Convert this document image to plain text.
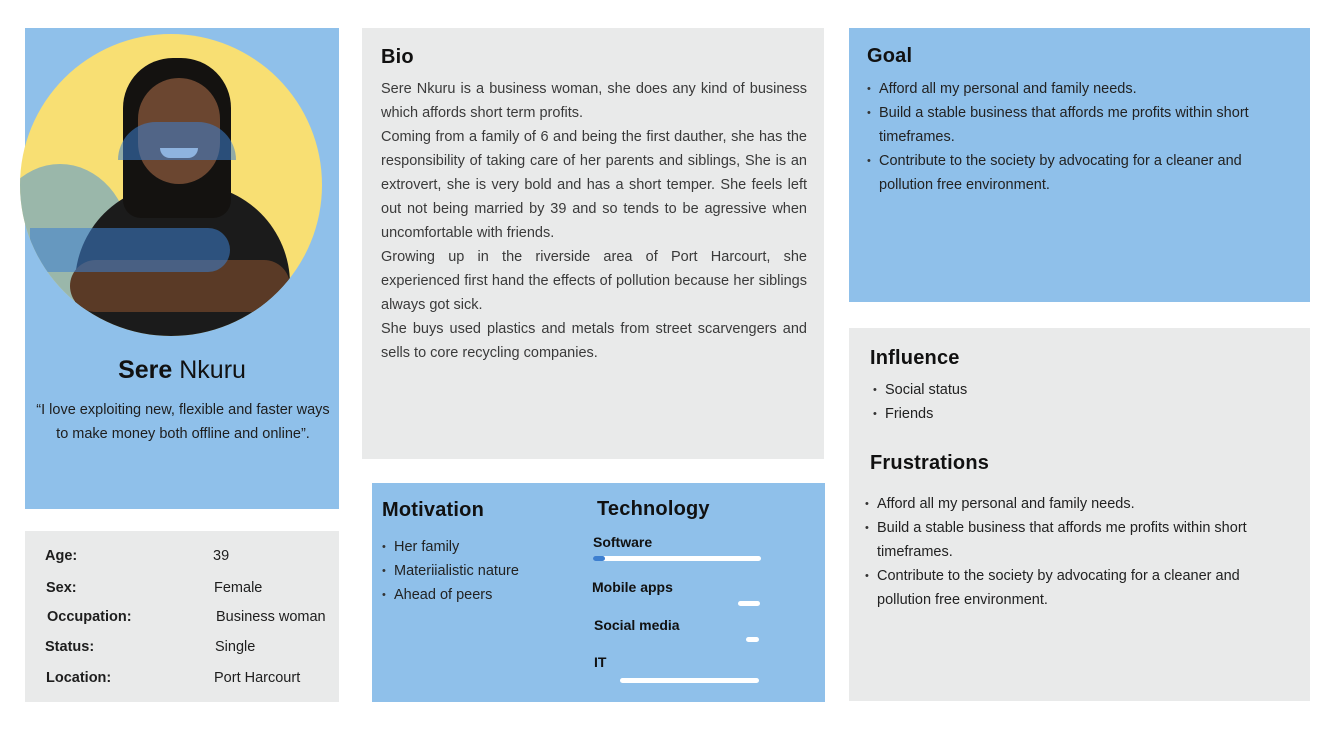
Sere Nkuru
“I love exploiting new, flexible and faster ways to make money both offline and online”.
Age:	39
Sex:	Female
Occupation:	Business woman
Status:	Single
Location:	Port Harcourt
Bio

Sere Nkuru is a business woman, she does any kind of business which affords short term profits.

Coming from a family of 6 and being the first dauther, she has the responsibility of taking care of her parents and siblings, She is an extrovert, she is very bold and has a short temper. She feels left out not being married by 39 and so tends to be agressive when uncomfortable with friends.

Growing up in the riverside area of Port Harcourt, she experienced first hand the effects of pollution because her siblings always got sick.

She buys used plastics and metals from street scarvengers and sells to core recycling companies.

Motivation
• Her family
• Materiialistic nature
• Ahead of peers
Technology
Software
Mobile apps
Social media
IT
Goal
• Afford all my personal and family needs.
• Build a stable business that affords me profits within short timeframes.
• Contribute to the society by advocating for a cleaner and pollution free environment.
Influence
• Social status
• Friends
Frustrations
• Afford all my personal and family needs.
• Build a stable business that affords me profits within short timeframes.
• Contribute to the society by advocating for a cleaner and pollution free environment.
